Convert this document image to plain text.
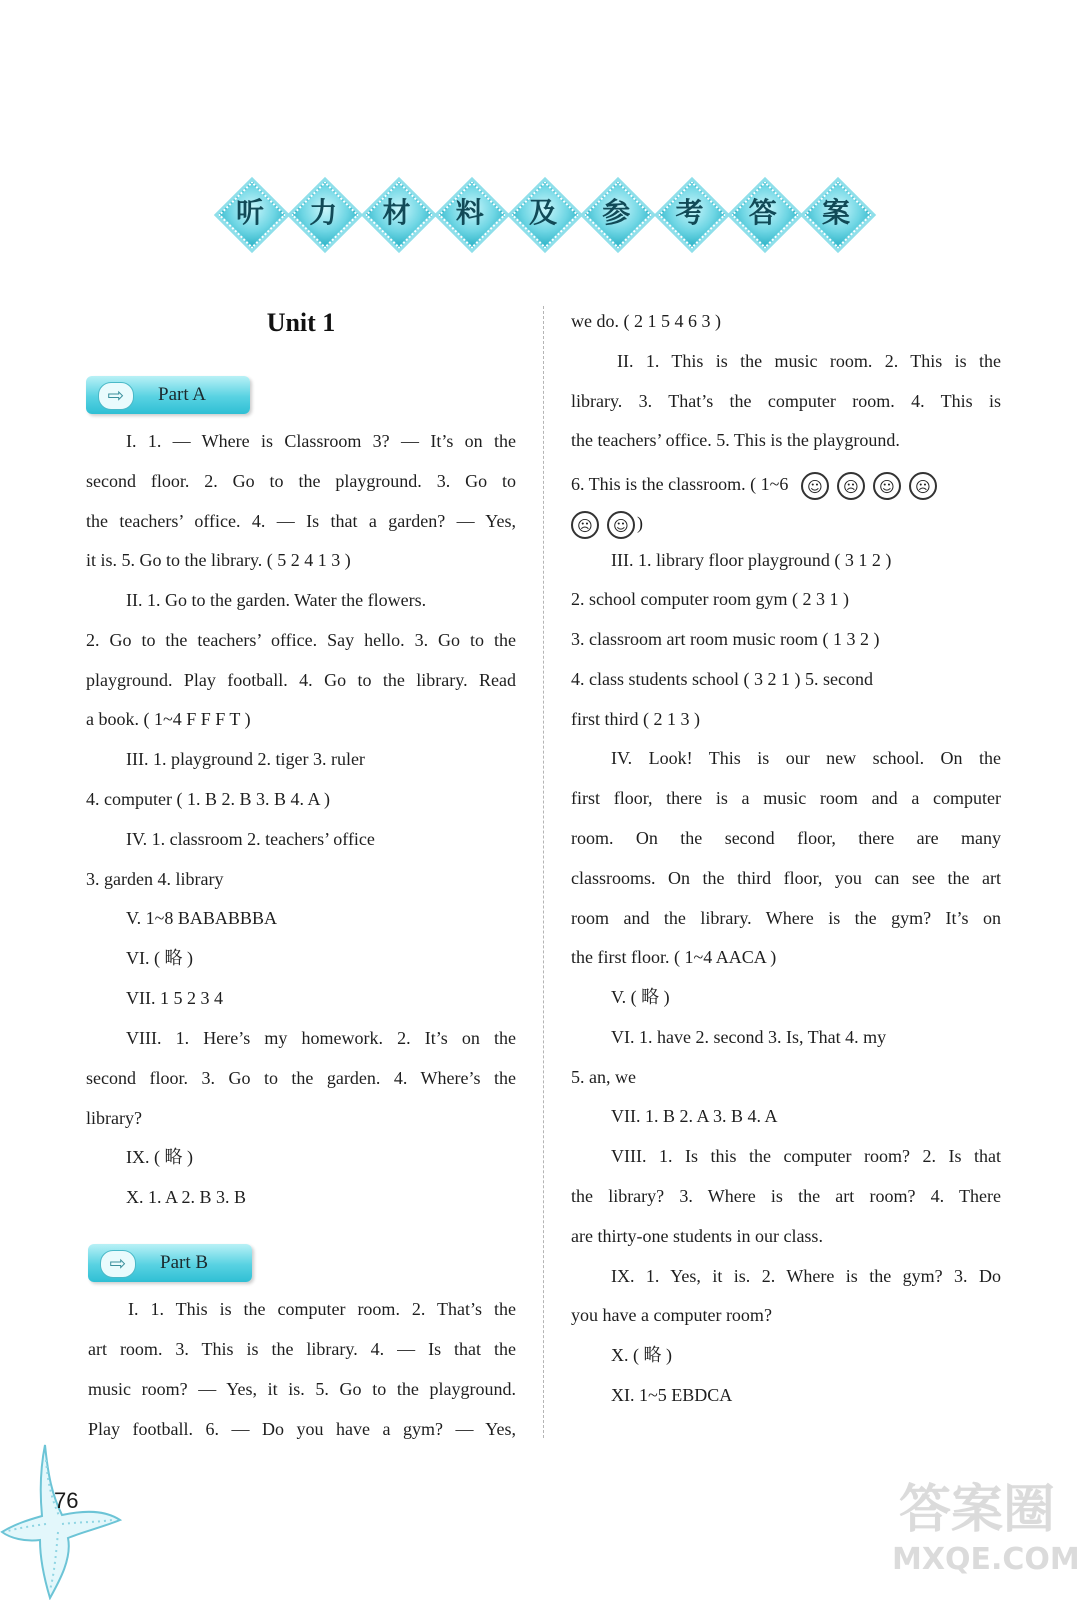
听	力	材	料	及	参	考	答	案
Unit 1
⇨	Part A
I. 1. — Where is Classroom 3? — It’s on the
second floor. 2. Go to the playground. 3. Go to
the teachers’ office. 4. — Is that a garden? — Yes,
it is. 5. Go to the library. ( 5 2 4 1 3 )
II. 1. Go to the garden. Water the flowers.
2. Go to the teachers’ office. Say hello. 3. Go to the
playground. Play football. 4. Go to the library. Read
a book. ( 1~4 F F F T )
III. 1. playground 2. tiger 3. ruler
4. computer ( 1. B 2. B 3. B 4. A )
IV. 1. classroom 2. teachers’ office
3. garden 4. library
V. 1~8 BABABBBA
VI. ( 略 )
VII. 1 5 2 3 4
VIII. 1. Here’s my homework. 2. It’s on the
second floor. 3. Go to the garden. 4. Where’s the
library?
IX. ( 略 )
X. 1. A 2. B 3. B
⇨	Part B
I. 1. This is the computer room. 2. That’s the
art room. 3. This is the library. 4. — Is that the
music room? — Yes, it is. 5. Go to the playground.
Play football. 6. — Do you have a gym? — Yes,
we do. ( 2 1 5 4 6 3 )
II. 1. This is the music room. 2. This is the
library. 3. That’s the computer room. 4. This is
the teachers’ office. 5. This is the playground.
6. This is the classroom. ( 1~6 ☺ ☹ ☺ ☹
☹ ☺ )
III. 1. library floor playground ( 3 1 2 )
2. school computer room gym ( 2 3 1 )
3. classroom art room music room ( 1 3 2 )
4. class students school ( 3 2 1 ) 5. second
first third ( 2 1 3 )
IV. Look! This is our new school. On the
first floor, there is a music room and a computer
room. On the second floor, there are many
classrooms. On the third floor, you can see the art
room and the library. Where is the gym? It’s on
the first floor. ( 1~4 AACA )
V. ( 略 )
VI. 1. have 2. second 3. Is, That 4. my
5. an, we
VII. 1. B 2. A 3. B 4. A
VIII. 1. Is this the computer room? 2. Is that
the library? 3. Where is the art room? 4. There
are thirty-one students in our class.
IX. 1. Yes, it is. 2. Where is the gym? 3. Do
you have a computer room?
X. ( 略 )
XI. 1~5 EBDCA
76	答案圈
MXQE.COM
